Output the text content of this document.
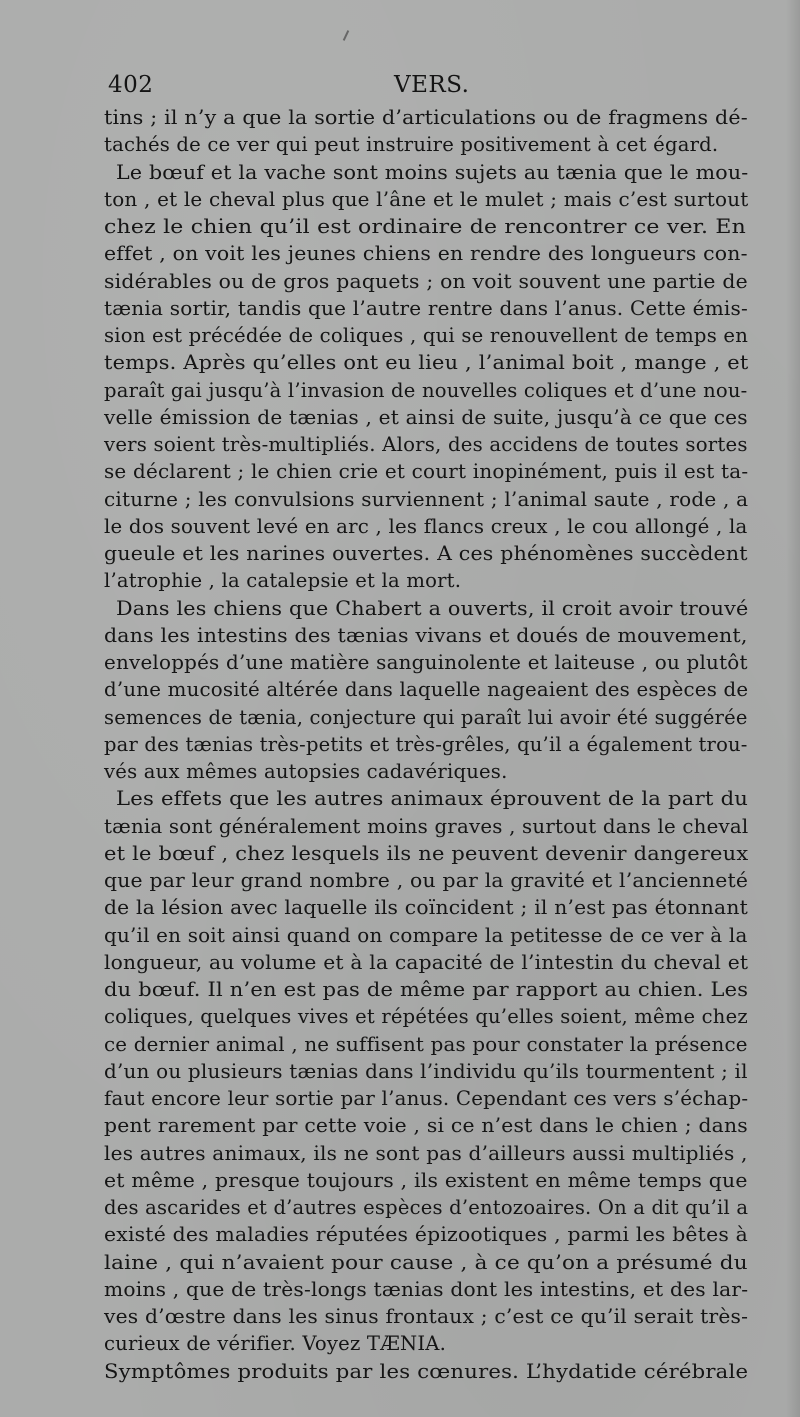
402	VERS.
tins ; il n’y a que la sortie d’articulations ou de fragmens dé-
tachés de ce ver qui peut instruire positivement à cet égard.
Le bœuf et la vache sont moins sujets au tænia que le mou-
ton , et le cheval plus que l’âne et le mulet ; mais c’est surtout
chez le chien qu’il est ordinaire de rencontrer ce ver. En
effet , on voit les jeunes chiens en rendre des longueurs con-
sidérables ou de gros paquets ; on voit souvent une partie de
tænia sortir, tandis que l’autre rentre dans l’anus. Cette émis-
sion est précédée de coliques , qui se renouvellent de temps en
temps. Après qu’elles ont eu lieu , l’animal boit , mange , et
paraît gai jusqu’à l’invasion de nouvelles coliques et d’une nou-
velle émission de tænias , et ainsi de suite, jusqu’à ce que ces
vers soient très-multipliés. Alors, des accidens de toutes sortes
se déclarent ; le chien crie et court inopinément, puis il est ta-
citurne ; les convulsions surviennent ; l’animal saute , rode , a
le dos souvent levé en arc , les flancs creux , le cou allongé , la
gueule et les narines ouvertes. A ces phénomènes succèdent
l’atrophie , la catalepsie et la mort.
Dans les chiens que Chabert a ouverts, il croit avoir trouvé
dans les intestins des tænias vivans et doués de mouvement,
enveloppés d’une matière sanguinolente et laiteuse , ou plutôt
d’une mucosité altérée dans laquelle nageaient des espèces de
semences de tænia, conjecture qui paraît lui avoir été suggérée
par des tænias très-petits et très-grêles, qu’il a également trou-
vés aux mêmes autopsies cadavériques.
Les effets que les autres animaux éprouvent de la part du
tænia sont généralement moins graves , surtout dans le cheval
et le bœuf , chez lesquels ils ne peuvent devenir dangereux
que par leur grand nombre , ou par la gravité et l’ancienneté
de la lésion avec laquelle ils coïncident ; il n’est pas étonnant
qu’il en soit ainsi quand on compare la petitesse de ce ver à la
longueur, au volume et à la capacité de l’intestin du cheval et
du bœuf. Il n’en est pas de même par rapport au chien. Les
coliques, quelques vives et répétées qu’elles soient, même chez
ce dernier animal , ne suffisent pas pour constater la présence
d’un ou plusieurs tænias dans l’individu qu’ils tourmentent ; il
faut encore leur sortie par l’anus. Cependant ces vers s’échap-
pent rarement par cette voie , si ce n’est dans le chien ; dans
les autres animaux, ils ne sont pas d’ailleurs aussi multipliés ,
et même , presque toujours , ils existent en même temps que
des ascarides et d’autres espèces d’entozoaires. On a dit qu’il a
existé des maladies réputées épizootiques , parmi les bêtes à
laine , qui n’avaient pour cause , à ce qu’on a présumé du
moins , que de très-longs tænias dont les intestins, et des lar-
ves d’œstre dans les sinus frontaux ; c’est ce qu’il serait très-
curieux de vérifier. Voyez TÆNIA.
Symptômes produits par les cœnures. L’hydatide cérébrale
